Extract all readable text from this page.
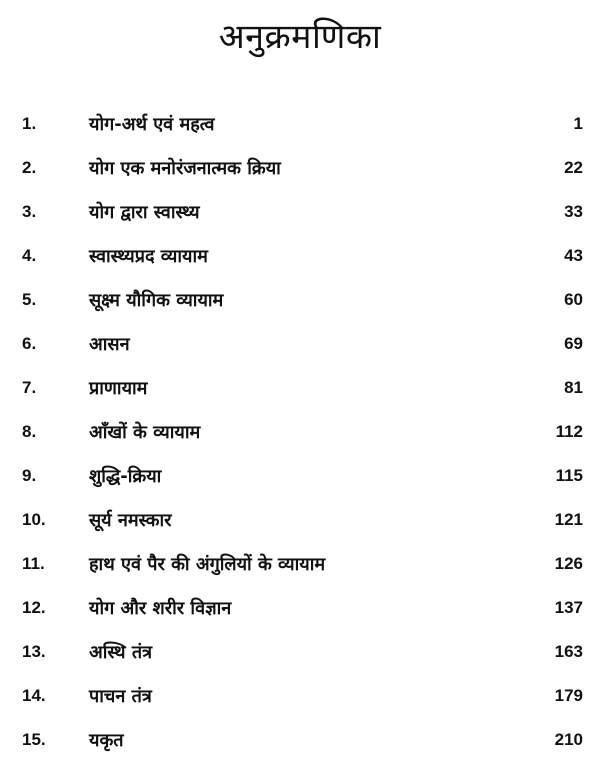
अनुक्रमणिका
1.	योग-अर्थ एवं महत्व	1
2.	योग एक मनोरंजनात्मक क्रिया	22
3.	योग द्वारा स्वास्थ्य	33
4.	स्वास्थ्यप्रद व्यायाम	43
5.	सूक्ष्म यौगिक व्यायाम	60
6.	आसन	69
7.	प्राणायाम	81
8.	आँखों के व्यायाम	112
9.	शुद्धि-क्रिया	115
10. सूर्य नमस्कार	121
11. हाथ एवं पैर की अंगुलियों के व्यायाम	126
12. योग और शरीर विज्ञान	137
13. अस्थि तंत्र	163
14. पाचन तंत्र	179
15. यकृत	210
